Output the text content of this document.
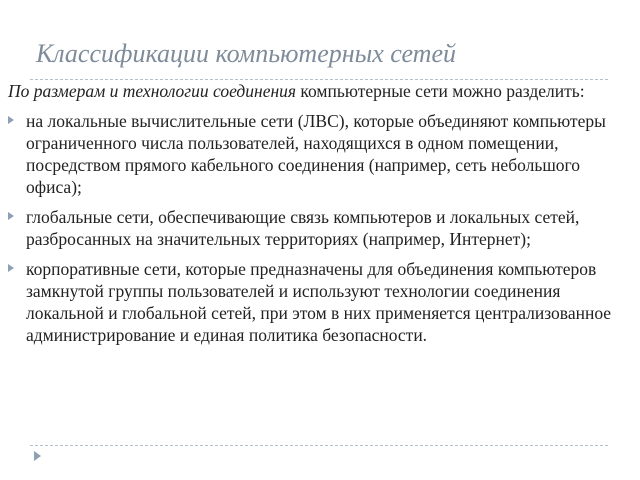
Классификации компьютерных сетей

По размерам и технологии соединения компьютерные сети можно разделить:

на локальные вычислительные сети (ЛВС), которые объединяют компьютеры ограниченного числа пользователей, находящихся в одном помещении, посредством прямого кабельного соединения (например, сеть небольшого офиса);
глобальные сети, обеспечивающие связь компьютеров и локальных сетей, разбросанных на значительных территориях (например, Интернет);
корпоративные сети, которые предназначены для объединения компьютеров замкнутой группы пользователей и используют технологии соединения локальной и глобальной сетей, при этом в них применяется централизованное администрирование и единая политика безопасности.
